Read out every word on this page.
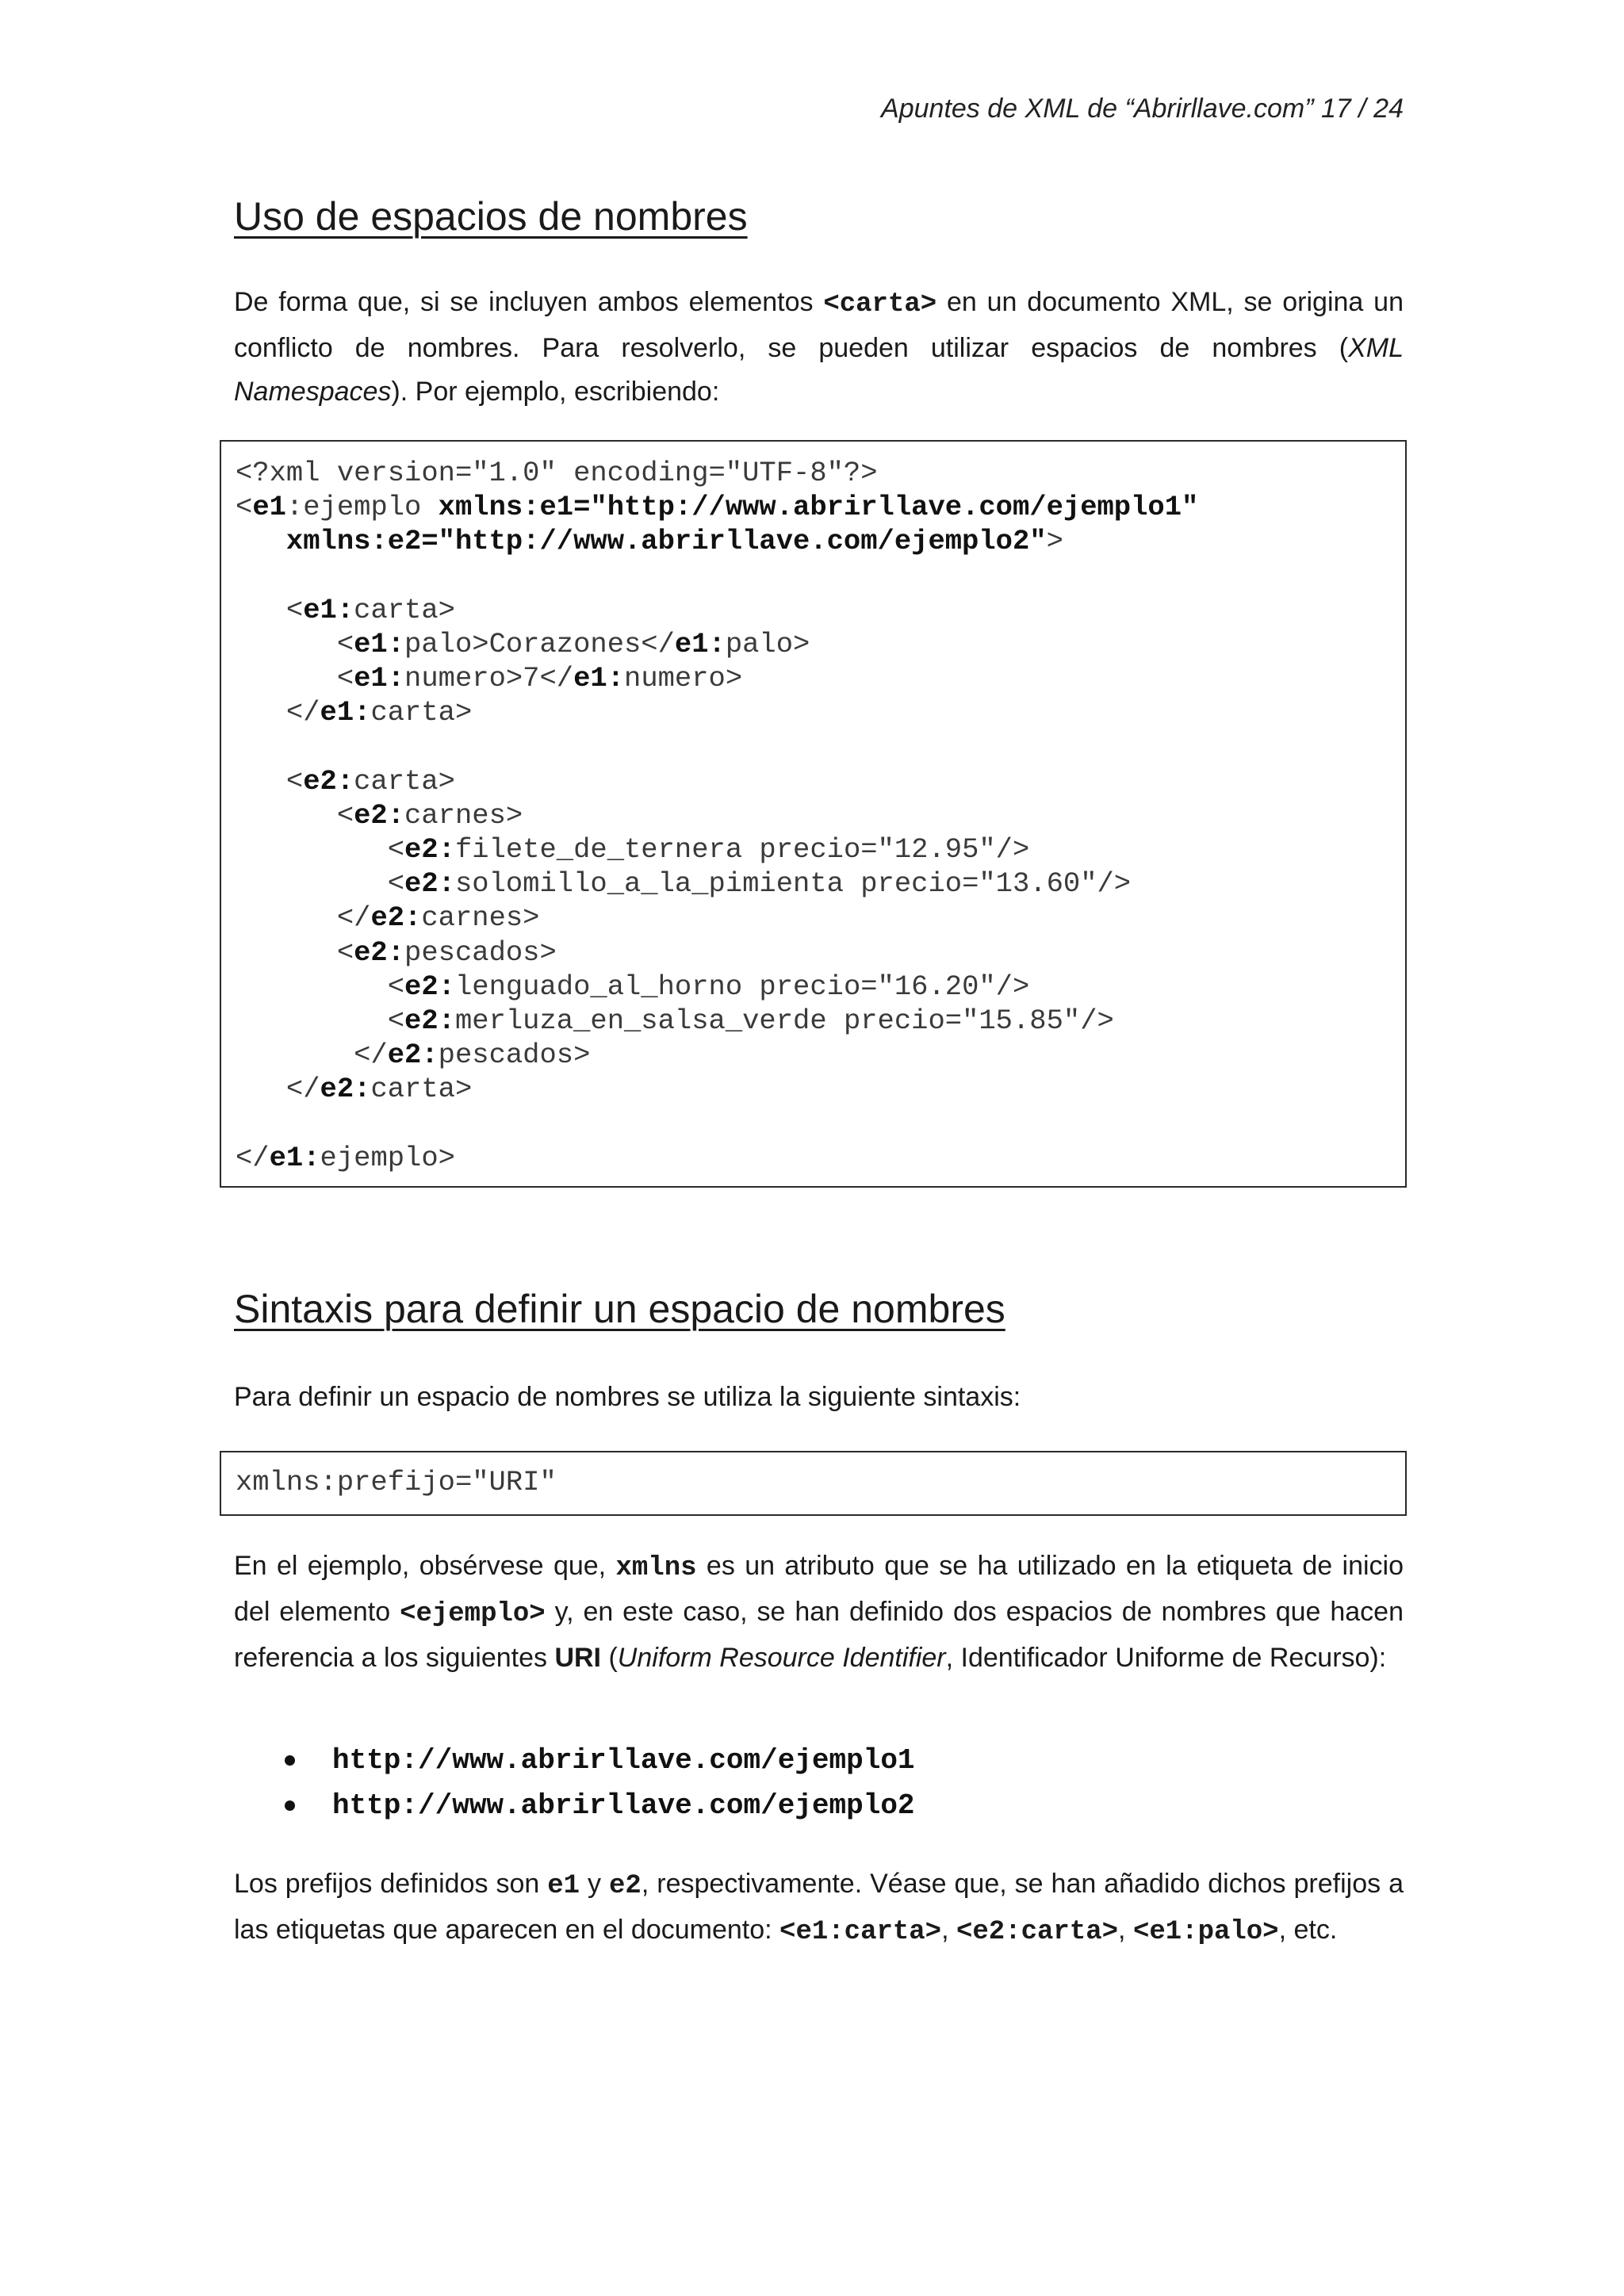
Apuntes de XML de “Abrirllave.com” 17 / 24
Uso de espacios de nombres

De forma que, si se incluyen ambos elementos <carta> en un documento XML, se origina un conflicto de nombres. Para resolverlo, se pueden utilizar espacios de nombres (XML Namespaces). Por ejemplo, escribiendo:

<?xml version="1.0" encoding="UTF-8"?>
<e1:ejemplo xmlns:e1="http://www.abrirllave.com/ejemplo1"
xmlns:e2="http://www.abrirllave.com/ejemplo2">
<e1:carta>
<e1:palo>Corazones</e1:palo>
<e1:numero>7</e1:numero>
</e1:carta>
<e2:carta>
<e2:carnes>
<e2:filete_de_ternera precio="12.95"/>
<e2:solomillo_a_la_pimienta precio="13.60"/>
</e2:carnes>
<e2:pescados>
<e2:lenguado_al_horno precio="16.20"/>
<e2:merluza_en_salsa_verde precio="15.85"/>
</e2:pescados>
</e2:carta>
</e1:ejemplo>
Sintaxis para definir un espacio de nombres

Para definir un espacio de nombres se utiliza la siguiente sintaxis:

xmlns:prefijo="URI"

En el ejemplo, obsérvese que, xmlns es un atributo que se ha utilizado en la etiqueta de inicio del elemento <ejemplo> y, en este caso, se han definido dos espacios de nombres que hacen referencia a los siguientes URI (Uniform Resource Identifier, Identificador Uniforme de Recurso):

http://www.abrirllave.com/ejemplo1
http://www.abrirllave.com/ejemplo2

Los prefijos definidos son e1 y e2, respectivamente. Véase que, se han añadido dichos prefijos a las etiquetas que aparecen en el documento: <e1:carta>, <e2:carta>, <e1:palo>, etc.
